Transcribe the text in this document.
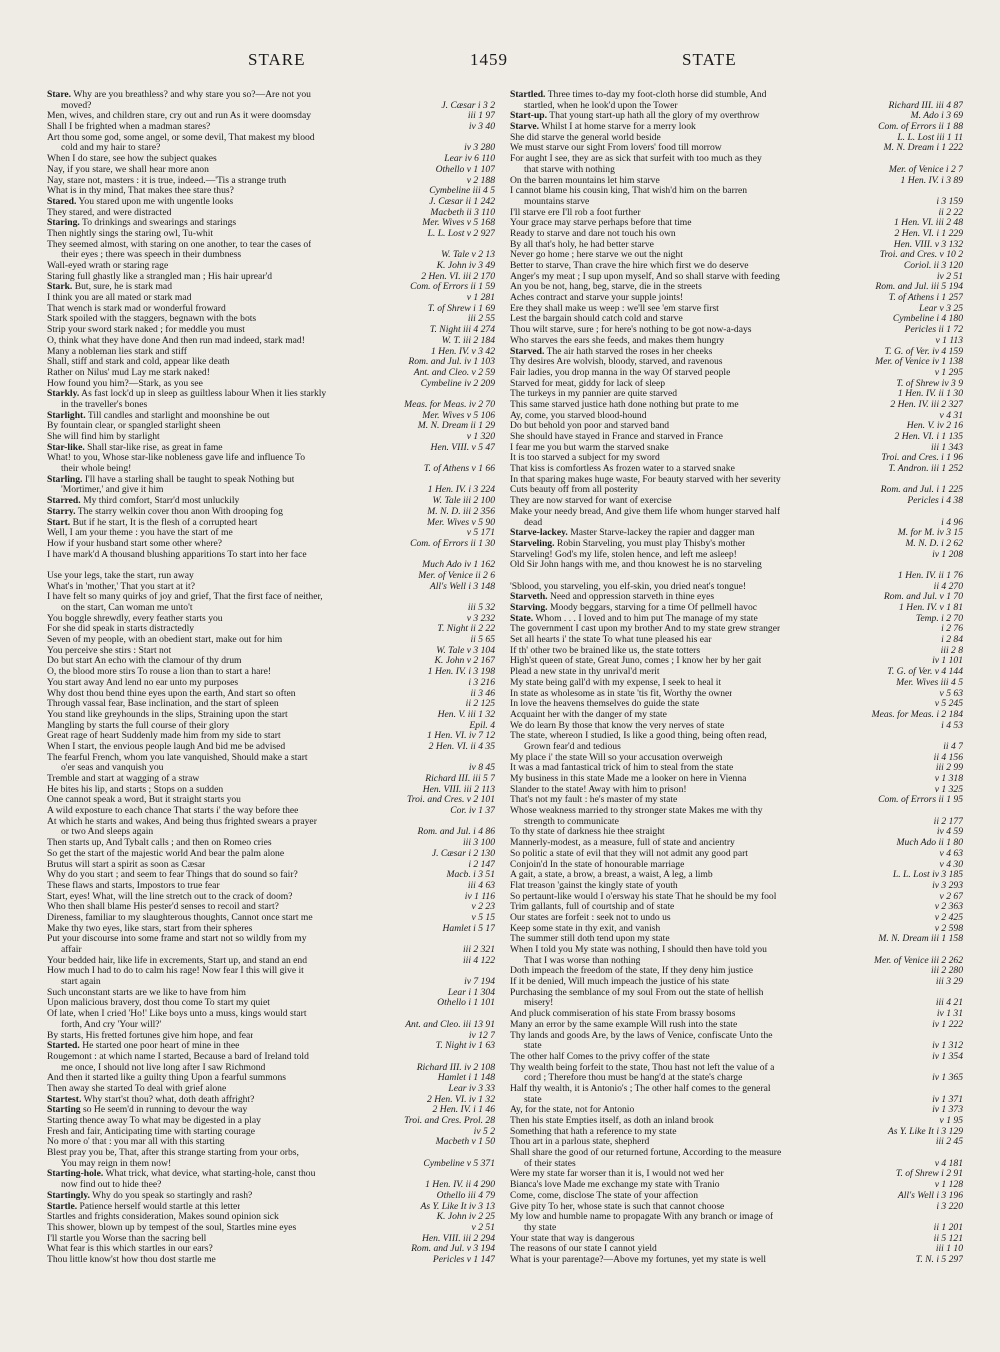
STARE	1459	STATE
Stare. Why are you breathless? and why stare you so?—Are not you
moved?	J. Cæsar i 3 2
Men, wives, and children stare, cry out and run As it were doomsday	iii 1 97
Shall I be frighted when a madman stares?	iv 3 40
Art thou some god, some angel, or some devil, That makest my blood
cold and my hair to stare?	iv 3 280
When I do stare, see how the subject quakes	Lear iv 6 110
Nay, if you stare, we shall hear more anon	Othello v 1 107
Nay, stare not, masters : it is true, indeed.—'Tis a strange truth	v 2 188
What is in thy mind, That makes thee stare thus?	Cymbeline iii 4 5
Stared. You stared upon me with ungentle looks	J. Cæsar ii 1 242
They stared, and were distracted	Macbeth ii 3 110
Staring. To drinkings and swearings and starings	Mer. Wives v 5 168
Then nightly sings the staring owl, Tu-whit	L. L. Lost v 2 927
They seemed almost, with staring on one another, to tear the cases of
their eyes ; there was speech in their dumbness	W. Tale v 2 13
Wall-eyed wrath or staring rage	K. John iv 3 49
Staring full ghastly like a strangled man ; His hair uprear'd	2 Hen. VI. iii 2 170
Stark. But, sure, he is stark mad	Com. of Errors ii 1 59
I think you are all mated or stark mad	v 1 281
That wench is stark mad or wonderful froward	T. of Shrew i 1 69
Stark spoiled with the staggers, begnawn with the bots	iii 2 55
Strip your sword stark naked ; for meddle you must	T. Night iii 4 274
O, think what they have done And then run mad indeed, stark mad!	W. T. iii 2 184
Many a nobleman lies stark and stiff	1 Hen. IV. v 3 42
Shall, stiff and stark and cold, appear like death	Rom. and Jul. iv 1 103
Rather on Nilus' mud Lay me stark naked!	Ant. and Cleo. v 2 59
How found you him?—Stark, as you see	Cymbeline iv 2 209
Starkly. As fast lock'd up in sleep as guiltless labour When it lies starkly
in the traveller's bones	Meas. for Meas. iv 2 70
Starlight. Till candles and starlight and moonshine be out	Mer. Wives v 5 106
By fountain clear, or spangled starlight sheen	M. N. Dream ii 1 29
She will find him by starlight	v 1 320
Star-like. Shall star-like rise, as great in fame	Hen. VIII. v 5 47
What! to you, Whose star-like nobleness gave life and influence To
their whole being!	T. of Athens v 1 66
Starling. I'll have a starling shall be taught to speak Nothing but
'Mortimer,' and give it him	1 Hen. IV. i 3 224
Starred. My third comfort, Starr'd most unluckily	W. Tale iii 2 100
Starry. The starry welkin cover thou anon With drooping fog	M. N. D. iii 2 356
Start. But if he start, It is the flesh of a corrupted heart	Mer. Wives v 5 90
Well, I am your theme : you have the start of me	v 5 171
How if your husband start some other where?	Com. of Errors ii 1 30
I have mark'd A thousand blushing apparitions To start into her face
Much Ado iv 1 162
Use your legs, take the start, run away	Mer. of Venice ii 2 6
What's in 'mother,' That you start at it?	All's Well i 3 148
I have felt so many quirks of joy and grief, That the first face of neither,
on the start, Can woman me unto't	iii 5 32
You boggle shrewdly, every feather starts you	v 3 232
For she did speak in starts distractedly	T. Night ii 2 22
Seven of my people, with an obedient start, make out for him	ii 5 65
You perceive she stirs : Start not	W. Tale v 3 104
Do but start An echo with the clamour of thy drum	K. John v 2 167
O, the blood more stirs To rouse a lion than to start a hare!	1 Hen. IV. i 3 198
You start away And lend no ear unto my purposes	i 3 216
Why dost thou bend thine eyes upon the earth, And start so often	ii 3 46
Through vassal fear, Base inclination, and the start of spleen	ii 2 125
You stand like greyhounds in the slips, Straining upon the start	Hen. V. iii 1 32
Mangling by starts the full course of their glory	Epil. 4
Great rage of heart Suddenly made him from my side to start	1 Hen. VI. iv 7 12
When I start, the envious people laugh And bid me be advised	2 Hen. VI. ii 4 35
The fearful French, whom you late vanquished, Should make a start
o'er seas and vanquish you	iv 8 45
Tremble and start at wagging of a straw	Richard III. iii 5 7
He bites his lip, and starts ; Stops on a sudden	Hen. VIII. iii 2 113
One cannot speak a word, But it straight starts you	Troi. and Cres. v 2 101
A wild exposture to each chance That starts i' the way before thee	Cor. iv 1 37
At which he starts and wakes, And being thus frighted swears a prayer
or two And sleeps again	Rom. and Jul. i 4 86
Then starts up, And Tybalt calls ; and then on Romeo cries	iii 3 100
So get the start of the majestic world And bear the palm alone	J. Cæsar i 2 130
Brutus will start a spirit as soon as Cæsar	i 2 147
Why do you start ; and seem to fear Things that do sound so fair?	Macb. i 3 51
These flaws and starts, Impostors to true fear	iii 4 63
Start, eyes! What, will the line stretch out to the crack of doom?	iv 1 116
Who then shall blame His pester'd senses to recoil and start?	v 2 23
Direness, familiar to my slaughterous thoughts, Cannot once start me	v 5 15
Make thy two eyes, like stars, start from their spheres	Hamlet i 5 17
Put your discourse into some frame and start not so wildly from my
affair	iii 2 321
Your bedded hair, like life in excrements, Start up, and stand an end	iii 4 122
How much I had to do to calm his rage! Now fear I this will give it
start again	iv 7 194
Such unconstant starts are we like to have from him	Lear i 1 304
Upon malicious bravery, dost thou come To start my quiet	Othello i 1 101
Of late, when I cried 'Ho!' Like boys unto a muss, kings would start
forth, And cry 'Your will?'	Ant. and Cleo. iii 13 91
By starts, His fretted fortunes give him hope, and fear	iv 12 7
Started. He started one poor heart of mine in thee	T. Night iv 1 63
Rougemont : at which name I started, Because a bard of Ireland told
me once, I should not live long after I saw Richmond	Richard III. iv 2 108
And then it started like a guilty thing Upon a fearful summons	Hamlet i 1 148
Then away she started To deal with grief alone	Lear iv 3 33
Startest. Why start'st thou? what, doth death affright?	2 Hen. VI. iv 1 32
Starting so He seem'd in running to devour the way	2 Hen. IV. i 1 46
Starting thence away To what may be digested in a play	Troi. and Cres. Prol. 28
Fresh and fair, Anticipating time with starting courage	iv 5 2
No more o' that : you mar all with this starting	Macbeth v 1 50
Blest pray you be, That, after this strange starting from your orbs,
You may reign in them now!	Cymbeline v 5 371
Starting-hole. What trick, what device, what starting-hole, canst thou
now find out to hide thee?	1 Hen. IV. ii 4 290
Startingly. Why do you speak so startingly and rash?	Othello iii 4 79
Startle. Patience herself would startle at this letter	As Y. Like It iv 3 13
Startles and frights consideration, Makes sound opinion sick	K. John iv 2 25
This shower, blown up by tempest of the soul, Startles mine eyes	v 2 51
I'll startle you Worse than the sacring bell	Hen. VIII. iii 2 294
What fear is this which startles in our ears?	Rom. and Jul. v 3 194
Thou little know'st how thou dost startle me	Pericles v 1 147
Startled. Three times to-day my foot-cloth horse did stumble, And
startled, when he look'd upon the Tower	Richard III. iii 4 87
Start-up. That young start-up hath all the glory of my overthrow	M. Ado i 3 69
Starve. Whilst I at home starve for a merry look	Com. of Errors ii 1 88
She did starve the general world beside	L. L. Lost iii 1 11
We must starve our sight From lovers' food till morrow	M. N. Dream i 1 222
For aught I see, they are as sick that surfeit with too much as they
that starve with nothing	Mer. of Venice i 2 7
On the barren mountains let him starve	1 Hen. IV. i 3 89
I cannot blame his cousin king, That wish'd him on the barren
mountains starve	i 3 159
I'll starve ere I'll rob a foot further	ii 2 22
Your grace may starve perhaps before that time	1 Hen. VI. iii 2 48
Ready to starve and dare not touch his own	2 Hen. VI. i 1 229
By all that's holy, he had better starve	Hen. VIII. v 3 132
Never go home ; here starve we out the night	Troi. and Cres. v 10 2
Better to starve, Than crave the hire which first we do deserve	Coriol. ii 3 120
Anger's my meat ; I sup upon myself, And so shall starve with feeding	iv 2 51
An you be not, hang, beg, starve, die in the streets	Rom. and Jul. iii 5 194
Aches contract and starve your supple joints!	T. of Athens i 1 257
Ere they shall make us weep : we'll see 'em starve first	Lear v 3 25
Lest the bargain should catch cold and starve	Cymbeline i 4 180
Thou wilt starve, sure ; for here's nothing to be got now-a-days	Pericles ii 1 72
Who starves the ears she feeds, and makes them hungry	v 1 113
Starved. The air hath starved the roses in her cheeks	T. G. of Ver. iv 4 159
Thy desires Are wolvish, bloody, starved, and ravenous	Mer. of Venice iv 1 138
Fair ladies, you drop manna in the way Of starved people	v 1 295
Starved for meat, giddy for lack of sleep	T. of Shrew iv 3 9
The turkeys in my pannier are quite starved	1 Hen. IV. ii 1 30
This same starved justice hath done nothing but prate to me	2 Hen. IV. iii 2 327
Ay, come, you starved blood-hound	v 4 31
Do but behold yon poor and starved band	Hen. V. iv 2 16
She should have stayed in France and starved in France	2 Hen. VI. i 1 135
I fear me you but warm the starved snake	iii 1 343
It is too starved a subject for my sword	Troi. and Cres. i 1 96
That kiss is comfortless As frozen water to a starved snake	T. Andron. iii 1 252
In that sparing makes huge waste, For beauty starved with her severity
Cuts beauty off from all posterity	Rom. and Jul. i 1 225
They are now starved for want of exercise	Pericles i 4 38
Make your needy bread, And give them life whom hunger starved half
dead	i 4 96
Starve-lackey. Master Starve-lackey the rapier and dagger man	M. for M. iv 3 15
Starveling. Robin Starveling, you must play Thisby's mother	M. N. D. i 2 62
Starveling! God's my life, stolen hence, and left me asleep!	iv 1 208
Old Sir John hangs with me, and thou knowest he is no starveling
1 Hen. IV. ii 1 76
'Sblood, you starveling, you elf-skin, you dried neat's tongue!	ii 4 270
Starveth. Need and oppression starveth in thine eyes	Rom. and Jul. v 1 70
Starving. Moody beggars, starving for a time Of pellmell havoc	1 Hen. IV. v 1 81
State. Whom . . . I loved and to him put The manage of my state	Temp. i 2 70
The government I cast upon my brother And to my state grew stranger	i 2 76
Set all hearts i' the state To what tune pleased his ear	i 2 84
If th' other two be brained like us, the state totters	iii 2 8
High'st queen of state, Great Juno, comes ; I know her by her gait	iv 1 101
Plead a new state in thy unrival'd merit	T. G. of Ver. v 4 144
My state being gall'd with my expense, I seek to heal it	Mer. Wives iii 4 5
In state as wholesome as in state 'tis fit, Worthy the owner	v 5 63
In love the heavens themselves do guide the state	v 5 245
Acquaint her with the danger of my state	Meas. for Meas. i 2 184
We do learn By those that know the very nerves of state	i 4 53
The state, whereon I studied, Is like a good thing, being often read,
Grown fear'd and tedious	ii 4 7
My place i' the state Will so your accusation overweigh	ii 4 156
It was a mad fantastical trick of him to steal from the state	iii 2 99
My business in this state Made me a looker on here in Vienna	v 1 318
Slander to the state! Away with him to prison!	v 1 325
That's not my fault : he's master of my state	Com. of Errors ii 1 95
Whose weakness married to thy stronger state Makes me with thy
strength to communicate	ii 2 177
To thy state of darkness hie thee straight	iv 4 59
Mannerly-modest, as a measure, full of state and ancientry	Much Ado ii 1 80
So politic a state of evil that they will not admit any good part	v 4 63
Conjoin'd In the state of honourable marriage	v 4 30
A gait, a state, a brow, a breast, a waist, A leg, a limb	L. L. Lost iv 3 185
Flat treason 'gainst the kingly state of youth	iv 3 293
So pertaunt-like would I o'ersway his state That he should be my fool	v 2 67
Trim gallants, full of courtship and of state	v 2 363
Our states are forfeit : seek not to undo us	v 2 425
Keep some state in thy exit, and vanish	v 2 598
The summer still doth tend upon my state	M. N. Dream iii 1 158
When I told you My state was nothing, I should then have told you
That I was worse than nothing	Mer. of Venice iii 2 262
Doth impeach the freedom of the state, If they deny him justice	iii 2 280
If it be denied, Will much impeach the justice of his state	iii 3 29
Purchasing the semblance of my soul From out the state of hellish
misery!	iii 4 21
And pluck commiseration of his state From brassy bosoms	iv 1 31
Many an error by the same example Will rush into the state	iv 1 222
Thy lands and goods Are, by the laws of Venice, confiscate Unto the
state	iv 1 312
The other half Comes to the privy coffer of the state	iv 1 354
Thy wealth being forfeit to the state, Thou hast not left the value of a
cord ; Therefore thou must be hang'd at the state's charge	iv 1 365
Half thy wealth, it is Antonio's ; The other half comes to the general
state	iv 1 371
Ay, for the state, not for Antonio	iv 1 373
Then his state Empties itself, as doth an inland brook	v 1 95
Something that hath a reference to my state	As Y. Like It i 3 129
Thou art in a parlous state, shepherd	iii 2 45
Shall share the good of our returned fortune, According to the measure
of their states	v 4 181
Were my state far worser than it is, I would not wed her	T. of Shrew i 2 91
Bianca's love Made me exchange my state with Tranio	v 1 128
Come, come, disclose The state of your affection	All's Well i 3 196
Give pity To her, whose state is such that cannot choose	i 3 220
My low and humble name to propagate With any branch or image of
thy state	ii 1 201
Your state that way is dangerous	ii 5 121
The reasons of our state I cannot yield	iii 1 10
What is your parentage?—Above my fortunes, yet my state is well	T. N. i 5 297
